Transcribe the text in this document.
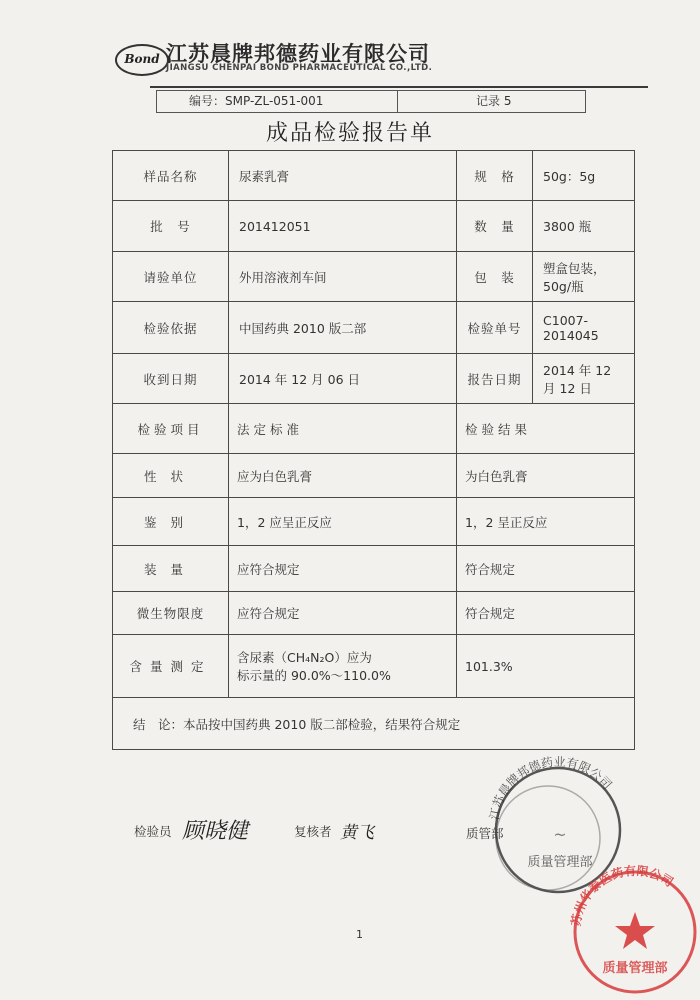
Bond 江苏晨牌邦德药业有限公司
JIANGSU CHENPAI BOND PHARMACEUTICAL CO.,LTD.
编号：SMP-ZL-051-001	记录 5
成品检验报告单
样品名称	尿素乳膏	规　格	50g：5g
批　号	201412051	数　量	3800 瓶
请验单位	外用溶液剂车间	包　装	塑盒包装，50g/瓶
检验依据	中国药典 2010 版二部	检验单号	C1007-2014045
收到日期	2014 年 12 月 06 日	报告日期	2014 年 12 月 12 日
检验项目	法定标准	检验结果	
性状	应为白色乳膏	为白色乳膏	
鉴别	1，2 应呈正反应	1，2 呈正反应	
装量	应符合规定	符合规定	
微生物限度	应符合规定	符合规定	
含量测定	含尿素（CH₄N₂O）应为
标示量的 90.0%～110.0%	101.3%	
结　论：本品按中国药典 2010 版二部检验，结果符合规定			
检验员 顾晓健	复核者 黄飞	质管部
1
江苏晨牌邦德药业有限公司
质量管理部
~
苏州华泰医药有限公司
质量管理部
